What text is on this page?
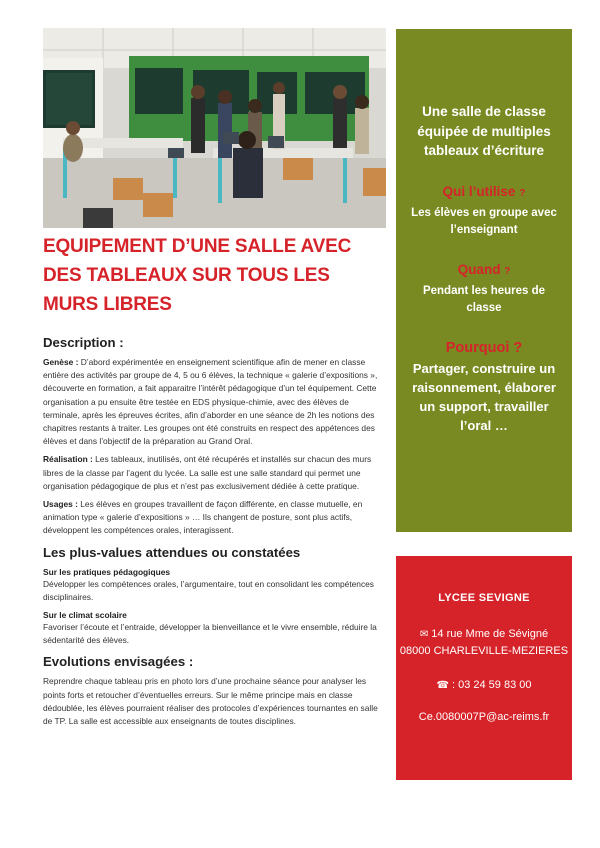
EQUIPEMENT D’UNE SALLE AVEC DES TABLEAUX SUR TOUS LES MURS LIBRES
Description :

Genèse : D’abord expérimentée en enseignement scientifique afin de mener en classe entière des activités par groupe de 4, 5 ou 6 élèves, la technique « galerie d’expositions », découverte en formation, a fait apparaitre l’intérêt pédagogique d’un tel équipement. Cette organisation a pu ensuite être testée en EDS physique-chimie, avec des élèves de terminale, après les épreuves écrites, afin d’aborder en une séance de 2h les notions des chapitres restants à traiter. Les groupes ont été construits en respect des appétences des élèves et dans l’objectif de la préparation au Grand Oral.

Réalisation : Les tableaux, inutilisés, ont été récupérés et installés sur chacun des murs libres de la classe par l’agent du lycée. La salle est une salle standard qui permet une organisation pédagogique de plus et n’est pas exclusivement dédiée à cette pratique.

Usages : Les élèves en groupes travaillent de façon différente, en classe mutuelle, en animation type « galerie d’expositions » … Ils changent de posture, sont plus actifs, développent les compétences orales, interagissent.

Les plus-values attendues ou constatées
Sur les pratiques pédagogiques

Développer les compétences orales, l’argumentaire, tout en consolidant les compétences disciplinaires.

Sur le climat scolaire

Favoriser l’écoute et l’entraide, développer la bienveillance et le vivre ensemble, réduire la sédentarité des élèves.

Evolutions envisagées :

Reprendre chaque tableau pris en photo lors d’une prochaine séance pour analyser les points forts et retoucher d’éventuelles erreurs. Sur le même principe mais en classe dédoublée, les élèves pourraient réaliser des protocoles d’expériences tournantes en salle de TP. La salle est accessible aux enseignants de toutes disciplines.

Une salle de classe équipée de multiples tableaux d’écriture
Qui l’utilise ?
Les élèves en groupe avec l’enseignant
Quand ?
Pendant les heures de classe
Pourquoi ?
Partager, construire un raisonnement, élaborer un support, travailler l’oral …
LYCEE SEVIGNE
✉ 14 rue Mme de Sévigné
08000 CHARLEVILLE-MEZIERES
☎ : 03 24 59 83 00
Ce.0080007P@ac-reims.fr
